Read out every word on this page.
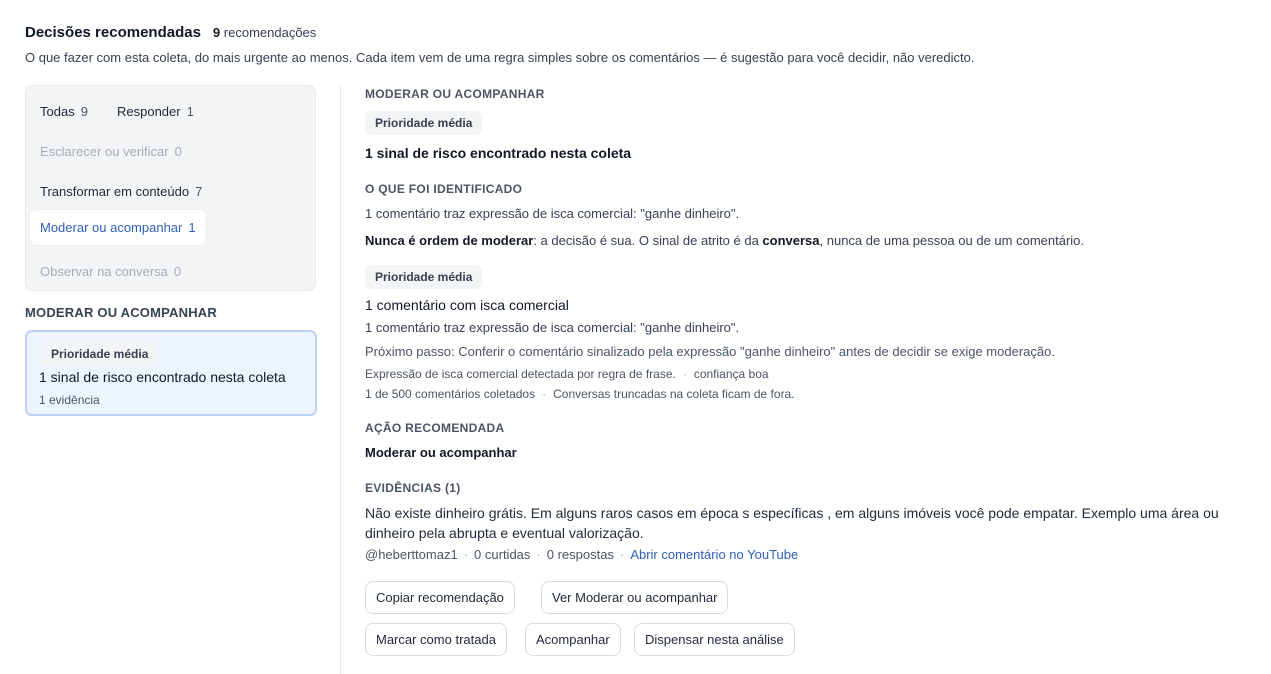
Decisões recomendadas 9 recomendações
O que fazer com esta coleta, do mais urgente ao menos. Cada item vem de uma regra simples sobre os comentários — é sugestão para você decidir, não veredicto.
Todas 9	Responder 1
Esclarecer ou verificar 0
Transformar em conteúdo 7
Moderar ou acompanhar 1
Observar na conversa 0
MODERAR OU ACOMPANHAR
Prioridade média
1 sinal de risco encontrado nesta coleta
1 evidência
MODERAR OU ACOMPANHAR
Prioridade média
1 sinal de risco encontrado nesta coleta
O QUE FOI IDENTIFICADO
1 comentário traz expressão de isca comercial: "ganhe dinheiro".
Nunca é ordem de moderar: a decisão é sua. O sinal de atrito é da conversa, nunca de uma pessoa ou de um comentário.
Prioridade média
1 comentário com isca comercial
1 comentário traz expressão de isca comercial: "ganhe dinheiro".
Próximo passo: Conferir o comentário sinalizado pela expressão "ganhe dinheiro" antes de decidir se exige moderação.
Expressão de isca comercial detectada por regra de frase. · confiança boa
1 de 500 comentários coletados · Conversas truncadas na coleta ficam de fora.
AÇÃO RECOMENDADA
Moderar ou acompanhar
EVIDÊNCIAS (1)
Não existe dinheiro grátis. Em alguns raros casos em época s específicas , em alguns imóveis você pode empatar. Exemplo uma área ou dinheiro pela abrupta e eventual valorização.
@heberttomaz1 · 0 curtidas · 0 respostas · Abrir comentário no YouTube
Copiar recomendação	Ver Moderar ou acompanhar
Marcar como tratada	Acompanhar	Dispensar nesta análise
